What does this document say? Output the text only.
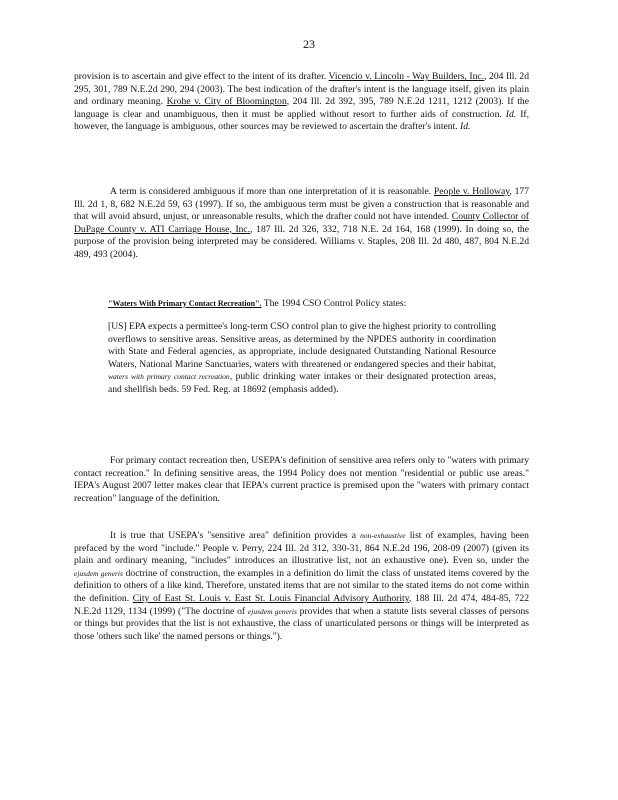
23

provision is to ascertain and give effect to the intent of its drafter. Vicencio v. Lincoln - Way Builders, Inc., 204 Ill. 2d 295, 301, 789 N.E.2d 290, 294 (2003). The best indication of the drafter's intent is the language itself, given its plain and ordinary meaning. Krohe v. City of Bloomington, 204 Ill. 2d 392, 395, 789 N.E.2d 1211, 1212 (2003). If the language is clear and unambiguous, then it must be applied without resort to further aids of construction. Id. If, however, the language is ambiguous, other sources may be reviewed to ascertain the drafter's intent. Id.

A term is considered ambiguous if more than one interpretation of it is reasonable. People v. Holloway, 177 Ill. 2d 1, 8, 682 N.E.2d 59, 63 (1997). If so, the ambiguous term must be given a construction that is reasonable and that will avoid absurd, unjust, or unreasonable results, which the drafter could not have intended. County Collector of DuPage County v. ATI Carriage House, Inc., 187 Ill. 2d 326, 332, 718 N.E. 2d 164, 168 (1999). In doing so, the purpose of the provision being interpreted may be considered. Williams v. Staples, 208 Ill. 2d 480, 487, 804 N.E.2d 489, 493 (2004).

"Waters With Primary Contact Recreation". The 1994 CSO Control Policy states:

[US] EPA expects a permittee's long-term CSO control plan to give the highest priority to controlling overflows to sensitive areas. Sensitive areas, as determined by the NPDES authority in coordination with State and Federal agencies, as appropriate, include designated Outstanding National Resource Waters, National Marine Sanctuaries, waters with threatened or endangered species and their habitat, waters with primary contact recreation, public drinking water intakes or their designated protection areas, and shellfish beds. 59 Fed. Reg. at 18692 (emphasis added).

For primary contact recreation then, USEPA's definition of sensitive area refers only to "waters with primary contact recreation." In defining sensitive areas, the 1994 Policy does not mention "residential or public use areas." IEPA's August 2007 letter makes clear that IEPA's current practice is premised upon the "waters with primary contact recreation" language of the definition.

It is true that USEPA's "sensitive area" definition provides a non-exhaustive list of examples, having been prefaced by the word "include." People v. Perry, 224 Ill. 2d 312, 330-31, 864 N.E.2d 196, 208-09 (2007) (given its plain and ordinary meaning, "includes" introduces an illustrative list, not an exhaustive one). Even so, under the ejusdem generis doctrine of construction, the examples in a definition do limit the class of unstated items covered by the definition to others of a like kind. Therefore, unstated items that are not similar to the stated items do not come within the definition. City of East St. Louis v. East St. Louis Financial Advisory Authority, 188 Ill. 2d 474, 484-85, 722 N.E.2d 1129, 1134 (1999) ("The doctrine of ejusdem generis provides that when a statute lists several classes of persons or things but provides that the list is not exhaustive, the class of unarticulated persons or things will be interpreted as those 'others such like' the named persons or things.").
